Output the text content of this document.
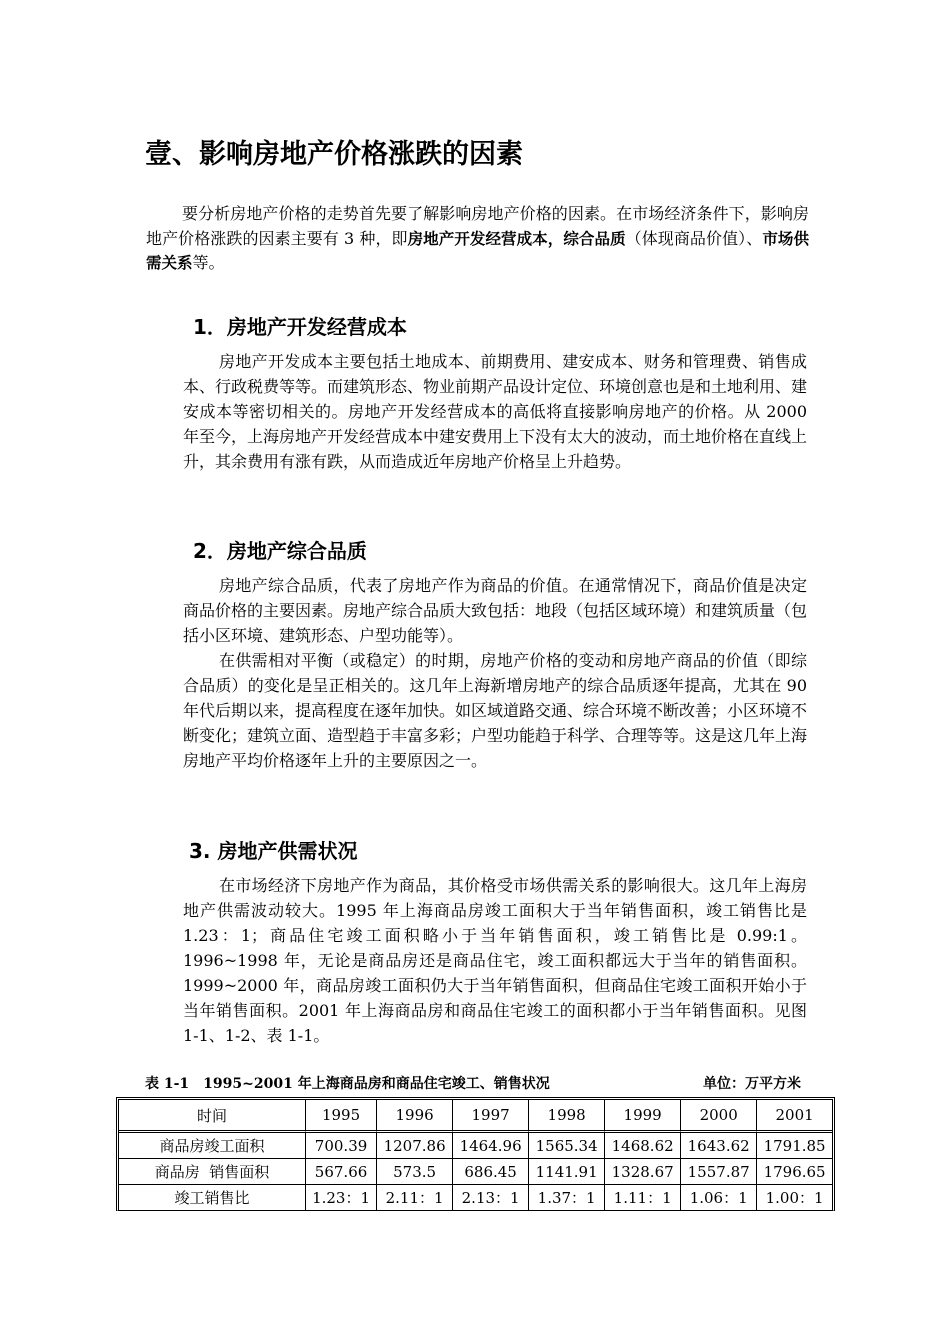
壹、影响房地产价格涨跌的因素

要分析房地产价格的走势首先要了解影响房地产价格的因素。在市场经济条件下，影响房地产价格涨跌的因素主要有 3 种，即房地产开发经营成本，综合品质（体现商品价值）、市场供需关系等。

1．房地产开发经营成本

房地产开发成本主要包括土地成本、前期费用、建安成本、财务和管理费、销售成本、行政税费等等。而建筑形态、物业前期产品设计定位、环境创意也是和土地利用、建安成本等密切相关的。房地产开发经营成本的高低将直接影响房地产的价格。从 2000 年至今，上海房地产开发经营成本中建安费用上下没有太大的波动，而土地价格在直线上升，其余费用有涨有跌，从而造成近年房地产价格呈上升趋势。

2．房地产综合品质

房地产综合品质，代表了房地产作为商品的价值。在通常情况下，商品价值是决定商品价格的主要因素。房地产综合品质大致包括：地段（包括区域环境）和建筑质量（包括小区环境、建筑形态、户型功能等）。

在供需相对平衡（或稳定）的时期，房地产价格的变动和房地产商品的价值（即综合品质）的变化是呈正相关的。这几年上海新增房地产的综合品质逐年提高，尤其在 90 年代后期以来，提高程度在逐年加快。如区域道路交通、综合环境不断改善；小区环境不断变化；建筑立面、造型趋于丰富多彩；户型功能趋于科学、合理等等。这是这几年上海房地产平均价格逐年上升的主要原因之一。

3. 房地产供需状况

在市场经济下房地产作为商品，其价格受市场供需关系的影响很大。这几年上海房地产供需波动较大。1995 年上海商品房竣工面积大于当年销售面积，竣工销售比是 1.23：1；商品住宅竣工面积略小于当年销售面积，竣工销售比是 0.99:1。1996~1998 年，无论是商品房还是商品住宅，竣工面积都远大于当年的销售面积。1999~2000 年，商品房竣工面积仍大于当年销售面积，但商品住宅竣工面积开始小于当年销售面积。2001 年上海商品房和商品住宅竣工的面积都小于当年销售面积。见图 1-1、1-2、表 1-1。

表 1-1　1995~2001 年上海商品房和商品住宅竣工、销售状况	单位：万平方米
时间	1995	1996	1997	1998	1999	2000	2001
商品房竣工面积	700.39	1207.86	1464.96	1565.34	1468.62	1643.62	1791.85
商品房  销售面积	567.66	573.5	686.45	1141.91	1328.67	1557.87	1796.65
竣工销售比	1.23：1	2.11：1	2.13：1	1.37：1	1.11：1	1.06：1	1.00：1
